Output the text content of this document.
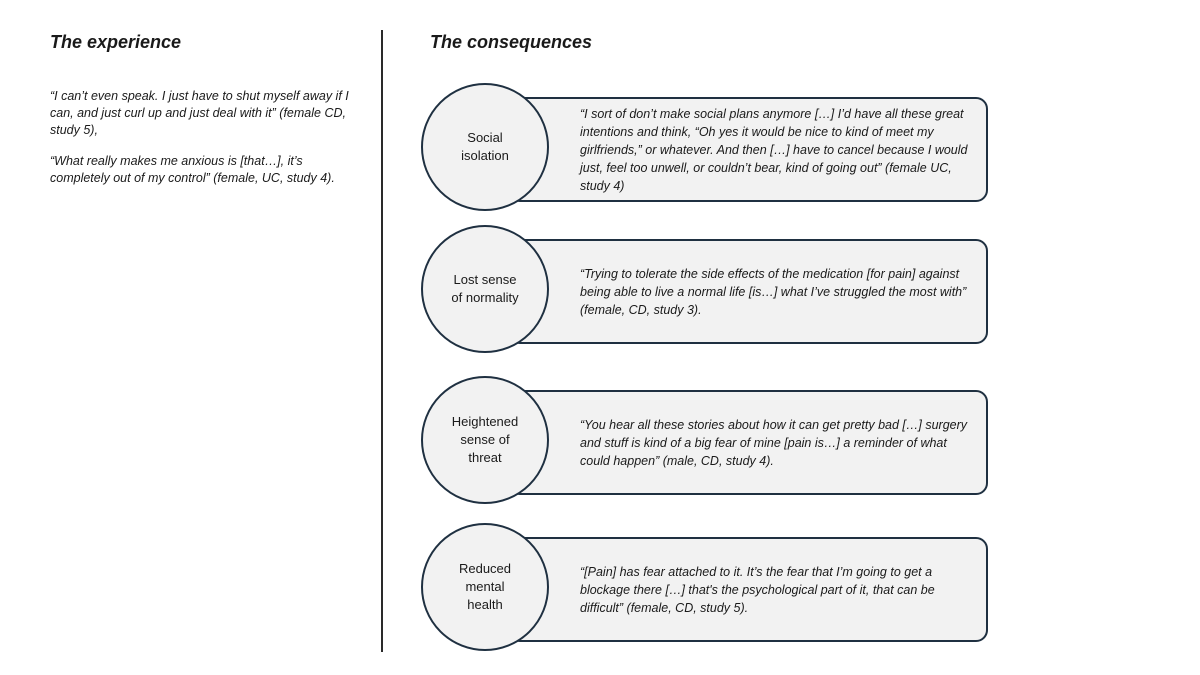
The experience

“I can’t even speak. I just have to shut myself away if I can, and just curl up and just deal with it” (female CD, study 5),

“What really makes me anxious is [that…], it’s completely out of my control” (female, UC, study 4).

The consequences
“I sort of don’t make social plans anymore […] I’d have all these great intentions and think, “Oh yes it would be nice to kind of meet my girlfriends,” or whatever. And then […] have to cancel because I would just, feel too unwell, or couldn’t bear, kind of going out” (female UC, study 4)
Social
isolation
“Trying to tolerate the side effects of the medication [for pain] against being able to live a normal life [is…] what I’ve struggled the most with” (female, CD, study 3).
Lost sense
of normality
“You hear all these stories about how it can get pretty bad […] surgery and stuff is kind of a big fear of mine [pain is…] a reminder of what could happen” (male, CD, study 4).
Heightened
sense of
threat
“[Pain] has fear attached to it. It’s the fear that I’m going to get a blockage there […] that's the psychological part of it, that can be difficult” (female, CD, study 5).
Reduced
mental
health
